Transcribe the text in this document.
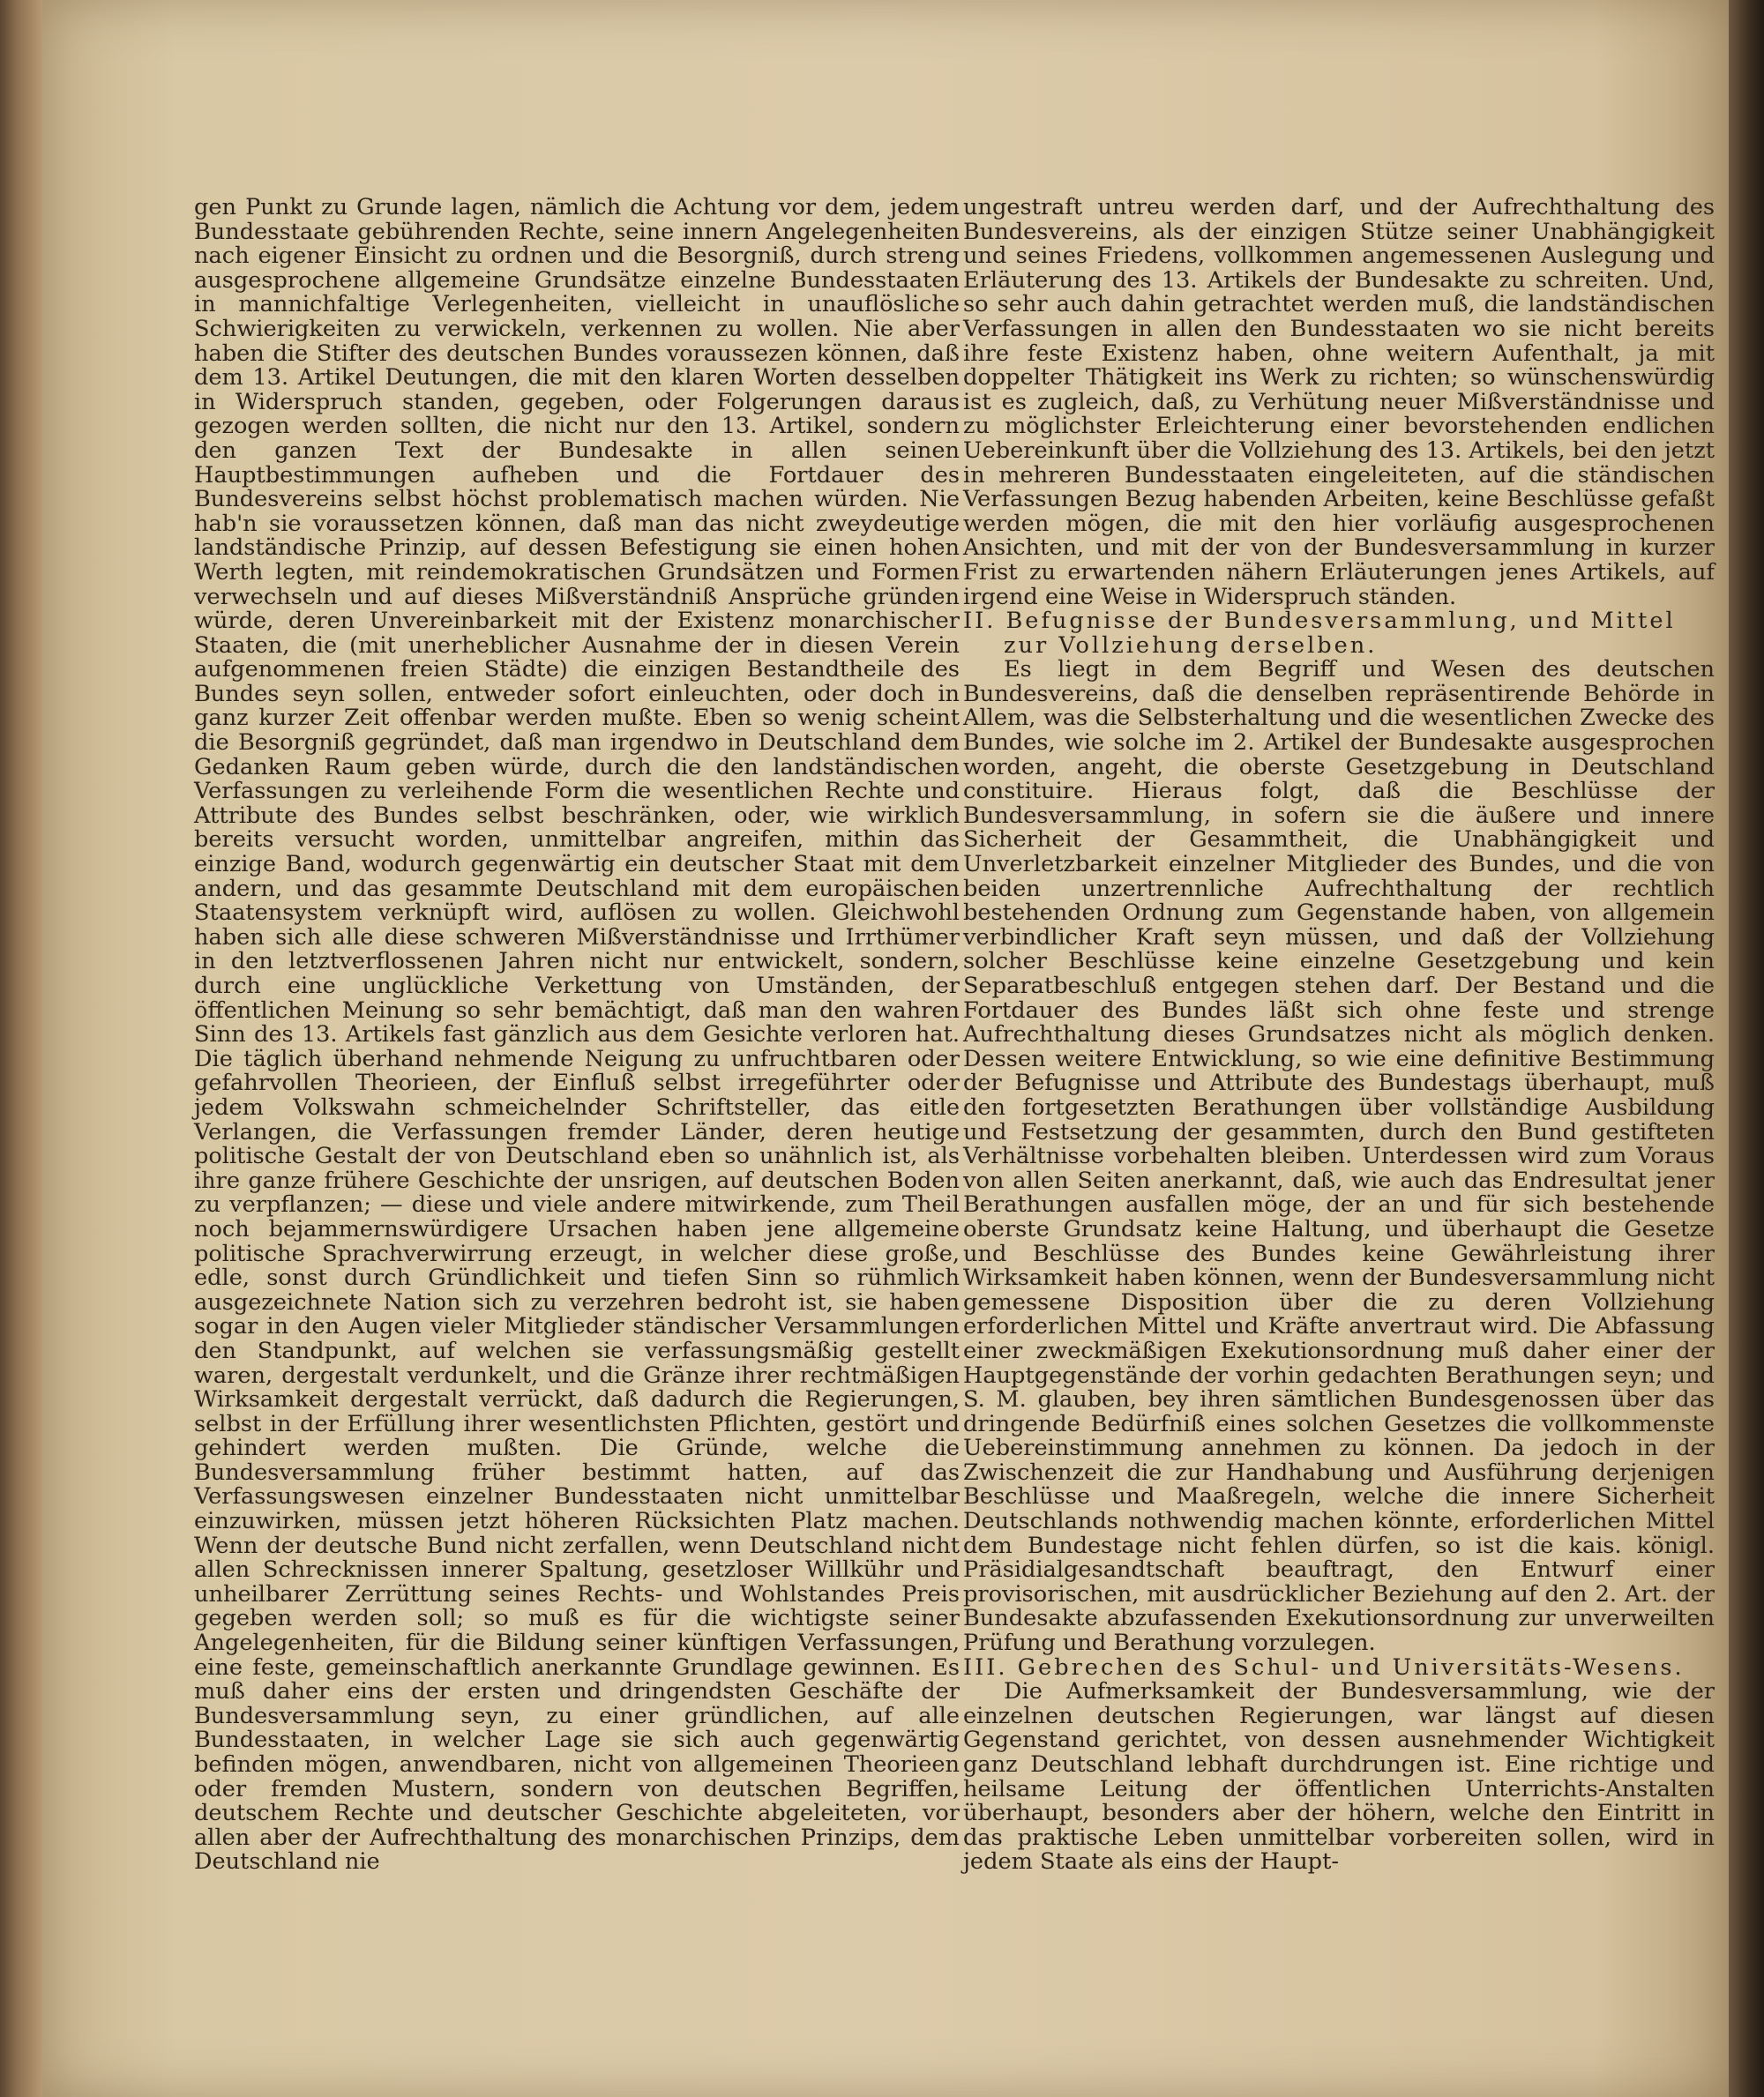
gen Punkt zu Grunde lagen, nämlich die Achtung vor dem, jedem Bundesstaate gebührenden Rechte, seine innern Angelegenheiten nach eigener Einsicht zu ordnen und die Besorgniß, durch streng ausgesprochene allgemeine Grundsätze einzelne Bundesstaaten in mannichfaltige Verlegenheiten, vielleicht in unauflösliche Schwierigkeiten zu verwickeln, verkennen zu wollen. Nie aber haben die Stifter des deutschen Bundes voraussezen können, daß dem 13. Artikel Deutungen, die mit den klaren Worten desselben in Widerspruch standen, gegeben, oder Folgerungen daraus gezogen werden sollten, die nicht nur den 13. Artikel, sondern den ganzen Text der Bundesakte in allen seinen Hauptbestimmungen aufheben und die Fortdauer des Bundesvereins selbst höchst problematisch machen würden. Nie hab'n sie voraussetzen können, daß man das nicht zweydeutige landständische Prinzip, auf dessen Befestigung sie einen hohen Werth legten, mit reindemokratischen Grundsätzen und Formen verwechseln und auf dieses Mißverständniß Ansprüche gründen würde, deren Unvereinbarkeit mit der Existenz monarchischer Staaten, die (mit unerheblicher Ausnahme der in diesen Verein aufgenommenen freien Städte) die einzigen Bestandtheile des Bundes seyn sollen, entweder sofort einleuchten, oder doch in ganz kurzer Zeit offenbar werden mußte. Eben so wenig scheint die Besorgniß gegründet, daß man irgendwo in Deutschland dem Gedanken Raum geben würde, durch die den landständischen Verfassungen zu verleihende Form die wesentlichen Rechte und Attribute des Bundes selbst beschränken, oder, wie wirklich bereits versucht worden, unmittelbar angreifen, mithin das einzige Band, wodurch gegenwärtig ein deutscher Staat mit dem andern, und das gesammte Deutschland mit dem europäischen Staatensystem verknüpft wird, auflösen zu wollen. Gleichwohl haben sich alle diese schweren Mißverständnisse und Irrthümer in den letztverflossenen Jahren nicht nur entwickelt, sondern, durch eine unglückliche Verkettung von Umständen, der öffentlichen Meinung so sehr bemächtigt, daß man den wahren Sinn des 13. Artikels fast gänzlich aus dem Gesichte verloren hat. Die täglich überhand nehmende Neigung zu unfruchtbaren oder gefahrvollen Theorieen, der Einfluß selbst irregeführter oder jedem Volkswahn schmeichelnder Schriftsteller, das eitle Verlangen, die Verfassungen fremder Länder, deren heutige politische Gestalt der von Deutschland eben so unähnlich ist, als ihre ganze frühere Geschichte der unsrigen, auf deutschen Boden zu verpflanzen; — diese und viele andere mitwirkende, zum Theil noch bejammernswürdigere Ursachen haben jene allgemeine politische Sprachverwirrung erzeugt, in welcher diese große, edle, sonst durch Gründlichkeit und tiefen Sinn so rühmlich ausgezeichnete Nation sich zu verzehren bedroht ist, sie haben sogar in den Augen vieler Mitglieder ständischer Versammlungen den Standpunkt, auf welchen sie verfassungsmäßig gestellt waren, dergestalt verdunkelt, und die Gränze ihrer rechtmäßigen Wirksamkeit dergestalt verrückt, daß dadurch die Regierungen, selbst in der Erfüllung ihrer wesentlichsten Pflichten, gestört und gehindert werden mußten. Die Gründe, welche die Bundesversammlung früher bestimmt hatten, auf das Verfassungswesen einzelner Bundesstaaten nicht unmittelbar einzuwirken, müssen jetzt höheren Rücksichten Platz machen. Wenn der deutsche Bund nicht zerfallen, wenn Deutschland nicht allen Schrecknissen innerer Spaltung, gesetzloser Willkühr und unheilbarer Zerrüttung seines Rechts- und Wohlstandes Preis gegeben werden soll; so muß es für die wichtigste seiner Angelegenheiten, für die Bildung seiner künftigen Verfassungen, eine feste, gemeinschaftlich anerkannte Grundlage gewinnen. Es muß daher eins der ersten und dringendsten Geschäfte der Bundesversammlung seyn, zu einer gründlichen, auf alle Bundesstaaten, in welcher Lage sie sich auch gegenwärtig befinden mögen, anwendbaren, nicht von allgemeinen Theorieen oder fremden Mustern, sondern von deutschen Begriffen, deutschem Rechte und deutscher Geschichte abgeleiteten, vor allen aber der Aufrechthaltung des monarchischen Prinzips, dem Deutschland nie

ungestraft untreu werden darf, und der Aufrechthaltung des Bundesvereins, als der einzigen Stütze seiner Unabhängigkeit und seines Friedens, vollkommen angemessenen Auslegung und Erläuterung des 13. Artikels der Bundesakte zu schreiten. Und, so sehr auch dahin getrachtet werden muß, die landständischen Verfassungen in allen den Bundesstaaten wo sie nicht bereits ihre feste Existenz haben, ohne weitern Aufenthalt, ja mit doppelter Thätigkeit ins Werk zu richten; so wünschenswürdig ist es zugleich, daß, zu Verhütung neuer Mißverständnisse und zu möglichster Erleichterung einer bevorstehenden endlichen Uebereinkunft über die Vollziehung des 13. Artikels, bei den jetzt in mehreren Bundesstaaten eingeleiteten, auf die ständischen Verfassungen Bezug habenden Arbeiten, keine Beschlüsse gefaßt werden mögen, die mit den hier vorläufig ausgesprochenen Ansichten, und mit der von der Bundesversammlung in kurzer Frist zu erwartenden nähern Erläuterungen jenes Artikels, auf irgend eine Weise in Widerspruch ständen.

II. Befugnisse der Bundesversammlung, und Mittel
zur Vollziehung derselben.

Es liegt in dem Begriff und Wesen des deutschen Bundesvereins, daß die denselben repräsentirende Behörde in Allem, was die Selbsterhaltung und die wesentlichen Zwecke des Bundes, wie solche im 2. Artikel der Bundesakte ausgesprochen worden, angeht, die oberste Gesetzgebung in Deutschland constituire. Hieraus folgt, daß die Beschlüsse der Bundesversammlung, in sofern sie die äußere und innere Sicherheit der Gesammtheit, die Unabhängigkeit und Unverletzbarkeit einzelner Mitglieder des Bundes, und die von beiden unzertrennliche Aufrechthaltung der rechtlich bestehenden Ordnung zum Gegenstande haben, von allgemein verbindlicher Kraft seyn müssen, und daß der Vollziehung solcher Beschlüsse keine einzelne Gesetzgebung und kein Separatbeschluß entgegen stehen darf. Der Bestand und die Fortdauer des Bundes läßt sich ohne feste und strenge Aufrechthaltung dieses Grundsatzes nicht als möglich denken. Dessen weitere Entwicklung, so wie eine definitive Bestimmung der Befugnisse und Attribute des Bundestags überhaupt, muß den fortgesetzten Berathungen über vollständige Ausbildung und Festsetzung der gesammten, durch den Bund gestifteten Verhältnisse vorbehalten bleiben. Unterdessen wird zum Voraus von allen Seiten anerkannt, daß, wie auch das Endresultat jener Berathungen ausfallen möge, der an und für sich bestehende oberste Grundsatz keine Haltung, und überhaupt die Gesetze und Beschlüsse des Bundes keine Gewährleistung ihrer Wirksamkeit haben können, wenn der Bundesversammlung nicht gemessene Disposition über die zu deren Vollziehung erforderlichen Mittel und Kräfte anvertraut wird. Die Abfassung einer zweckmäßigen Exekutionsordnung muß daher einer der Hauptgegenstände der vorhin gedachten Berathungen seyn; und S. M. glauben, bey ihren sämtlichen Bundesgenossen über das dringende Bedürfniß eines solchen Gesetzes die vollkommenste Uebereinstimmung annehmen zu können. Da jedoch in der Zwischenzeit die zur Handhabung und Ausführung derjenigen Beschlüsse und Maaßregeln, welche die innere Sicherheit Deutschlands nothwendig machen könnte, erforderlichen Mittel dem Bundestage nicht fehlen dürfen, so ist die kais. königl. Präsidialgesandtschaft beauftragt, den Entwurf einer provisorischen, mit ausdrücklicher Beziehung auf den 2. Art. der Bundesakte abzufassenden Exekutionsordnung zur unverweilten Prüfung und Berathung vorzulegen.

III. Gebrechen des Schul- und Universitäts-Wesens.

Die Aufmerksamkeit der Bundesversammlung, wie der einzelnen deutschen Regierungen, war längst auf diesen Gegenstand gerichtet, von dessen ausnehmender Wichtigkeit ganz Deutschland lebhaft durchdrungen ist. Eine richtige und heilsame Leitung der öffentlichen Unterrichts-Anstalten überhaupt, besonders aber der höhern, welche den Eintritt in das praktische Leben unmittelbar vorbereiten sollen, wird in jedem Staate als eins der Haupt-
